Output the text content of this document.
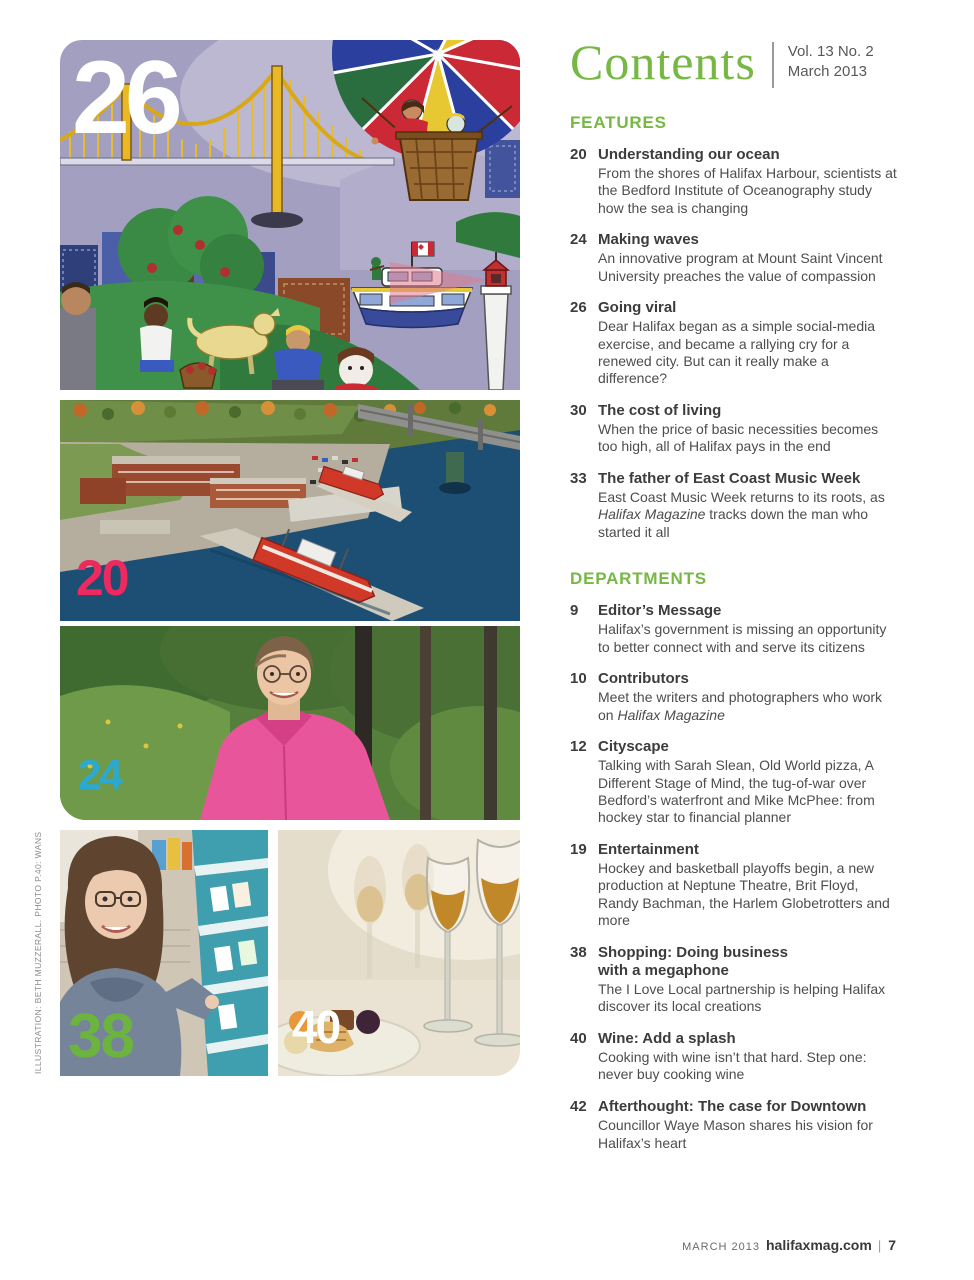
26
20
24
38	40
ILLUSTRATION: BETH MUZZERALL. PHOTO P.40: WANS
Contents Vol. 13 No. 2
March 2013
FEATURES
20 Understanding our ocean
From the shores of Halifax Harbour, scientists at the Bedford Institute of Oceanography study how the sea is changing
24 Making waves
An innovative program at Mount Saint Vincent University preaches the value of compassion
26 Going viral
Dear Halifax began as a simple social-media exercise, and became a rallying cry for a renewed city. But can it really make a difference?
30 The cost of living
When the price of basic necessities becomes too high, all of Halifax pays in the end
33 The father of East Coast Music Week
East Coast Music Week returns to its roots, as Halifax Magazine tracks down the man who started it all
DEPARTMENTS
9	Editor’s Message
Halifax’s government is missing an opportunity to better connect with and serve its citizens
10 Contributors
Meet the writers and photographers who work on Halifax Magazine
12 Cityscape
Talking with Sarah Slean, Old World pizza, A Different Stage of Mind, the tug-of-war over Bedford’s waterfront and Mike McPhee: from hockey star to financial planner
19 Entertainment
Hockey and basketball playoffs begin, a new production at Neptune Theatre, Brit Floyd, Randy Bachman, the Harlem Globetrotters and more
38 Shopping: Doing business
with a megaphone
The I Love Local partnership is helping Halifax discover its local creations
40 Wine: Add a splash
Cooking with wine isn’t that hard. Step one: never buy cooking wine
42 Afterthought: The case for Downtown
Councillor Waye Mason shares his vision for Halifax’s heart
MARCH 2013 halifaxmag.com | 7
